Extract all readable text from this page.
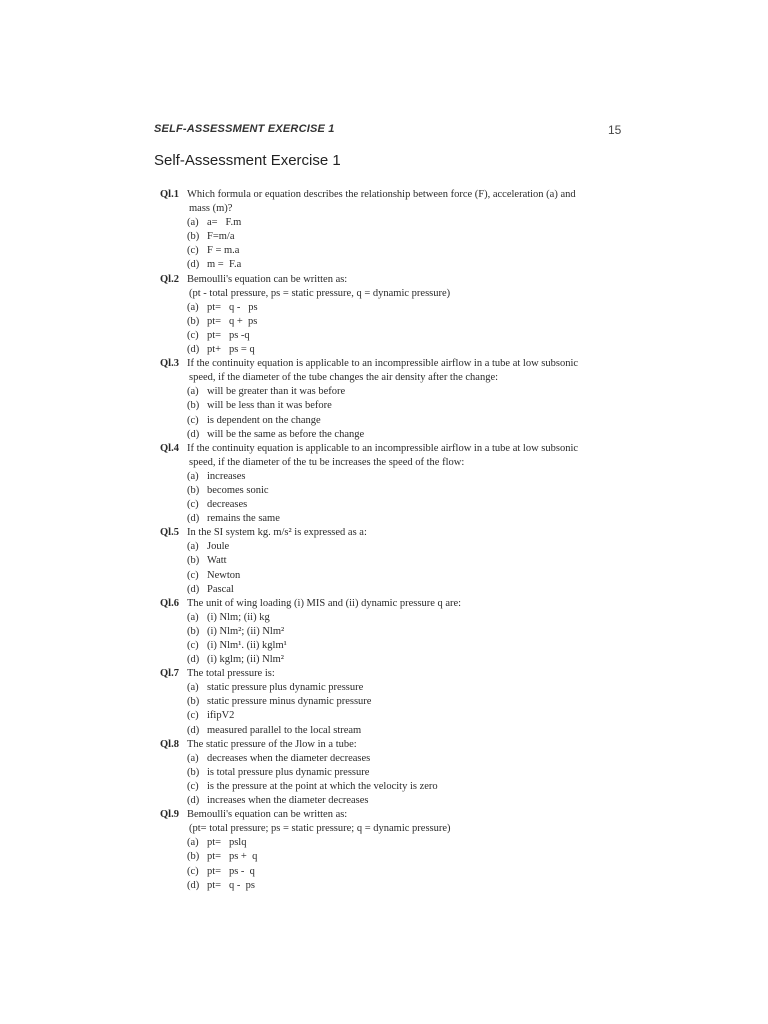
SELF-ASSESSMENT EXERCISE 1	15
Self-Assessment Exercise 1
Ql.1 Which formula or equation describes the relationship between force (F), acceleration (a) and
mass (m)?
(a) a=   F.m
(b) F=m/a
(c) F = m.a
(d) m =  F.a
Ql.2 Bemoulli's equation can be written as:
(pt - total pressure, ps = static pressure, q = dynamic pressure)
(a) pt=   q -   ps
(b) pt=   q +  ps
(c) pt=   ps -q
(d) pt+   ps = q
Ql.3 If the continuity equation is applicable to an incompressible airflow in a tube at low subsonic
speed, if the diameter of the tube changes the air density after the change:
(a) will be greater than it was before
(b) will be less than it was before
(c) is dependent on the change
(d) will be the same as before the change
Ql.4 If the continuity equation is applicable to an incompressible airflow in a tube at low subsonic
speed, if the diameter of the tu be increases the speed of the flow:
(a) increases
(b) becomes sonic
(c) decreases
(d) remains the same
Ql.5 In the SI system kg. m/s² is expressed as a:
(a) Joule
(b) Watt
(c) Newton
(d) Pascal
Ql.6 The unit of wing loading (i) MIS and (ii) dynamic pressure q are:
(a) (i) Nlm; (ii) kg
(b) (i) Nlm²; (ii) Nlm²
(c) (i) Nlm¹. (ii) kglm¹
(d) (i) kglm; (ii) Nlm²
Ql.7 The total pressure is:
(a) static pressure plus dynamic pressure
(b) static pressure minus dynamic pressure
(c) ifipV2
(d) measured parallel to the local stream
Ql.8 The static pressure of the Jlow in a tube:
(a) decreases when the diameter decreases
(b) is total pressure plus dynamic pressure
(c) is the pressure at the point at which the velocity is zero
(d) increases when the diameter decreases
Ql.9 Bemoulli's equation can be written as:
(pt= total pressure; ps = static pressure; q = dynamic pressure)
(a) pt=   pslq
(b) pt=   ps +  q
(c) pt=   ps -  q
(d) pt=   q -  ps
